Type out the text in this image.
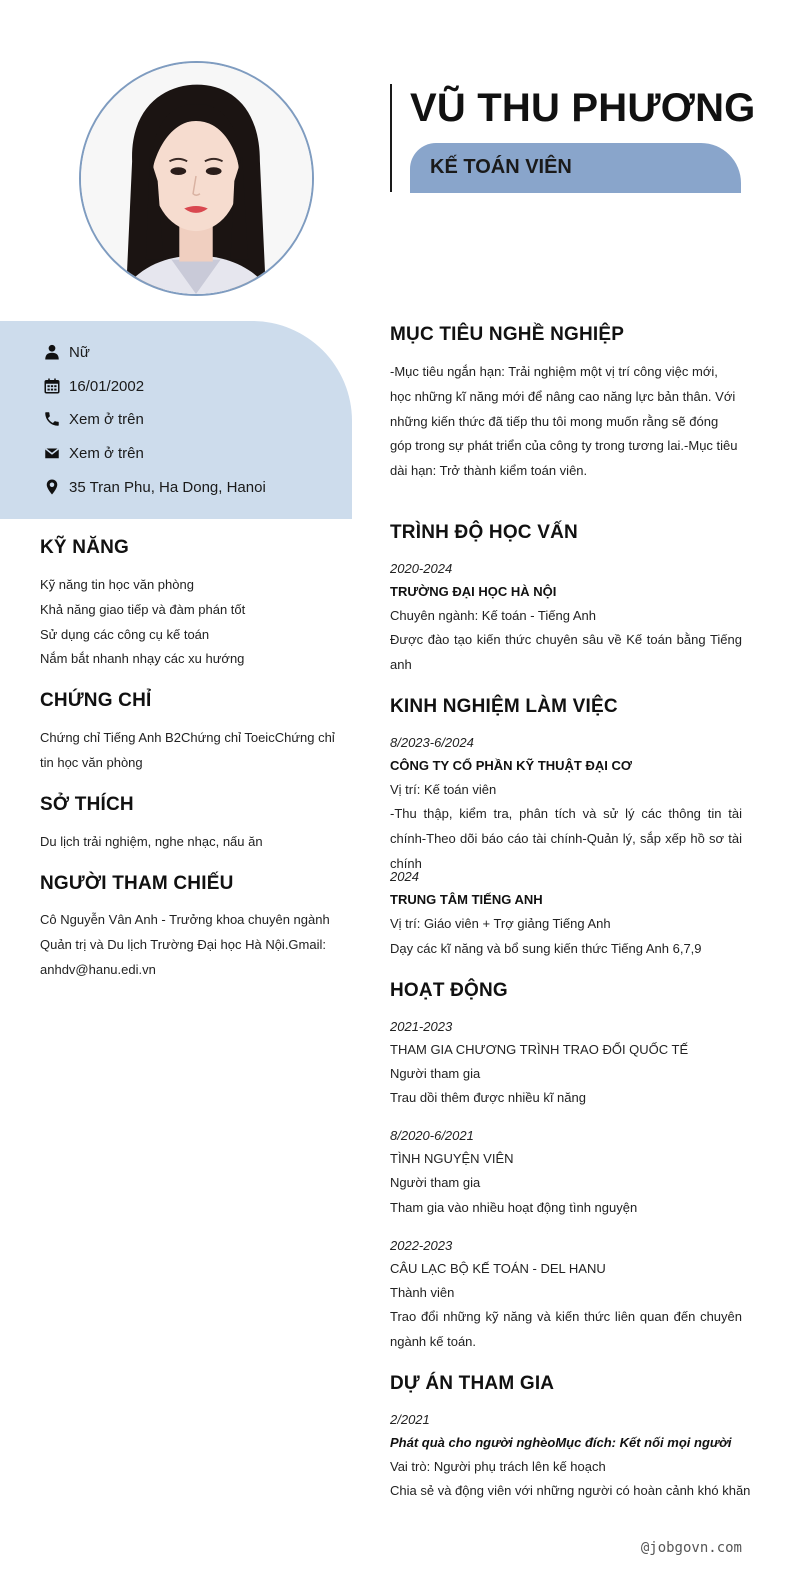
VŨ THU PHƯƠNG
KẾ TOÁN VIÊN
Nữ
16/01/2002
Xem ở trên
Xem ở trên
35 Tran Phu, Ha Dong, Hanoi
KỸ NĂNG
Kỹ năng tin học văn phòng
Khả năng giao tiếp và đàm phán tốt
Sử dụng các công cụ kế toán
Nắm bắt nhanh nhạy các xu hướng
CHỨNG CHỈ
Chứng chỉ Tiếng Anh B2Chứng chỉ ToeicChứng chỉ tin học văn phòng
SỞ THÍCH
Du lịch trải nghiệm, nghe nhạc, nấu ăn
NGƯỜI THAM CHIẾU
Cô Nguyễn Vân Anh - Trưởng khoa chuyên ngành Quản trị và Du lịch Trường Đại học Hà Nội.Gmail: anhdv@hanu.edi.vn
MỤC TIÊU NGHỀ NGHIỆP
-Mục tiêu ngắn hạn: Trải nghiệm một vị trí công việc mới, học những kĩ năng mới để nâng cao năng lực bản thân. Với những kiến thức đã tiếp thu tôi mong muốn rằng sẽ đóng góp trong sự phát triển của công ty trong tương lai.-Mục tiêu dài hạn: Trở thành kiểm toán viên.
TRÌNH ĐỘ HỌC VẤN
2020-2024
TRƯỜNG ĐẠI HỌC HÀ NỘI
Chuyên ngành: Kế toán - Tiếng Anh
Được đào tạo kiến thức chuyên sâu về Kế toán bằng Tiếng anh
KINH NGHIỆM LÀM VIỆC
8/2023-6/2024
CÔNG TY CỔ PHẦN KỸ THUẬT ĐẠI CƠ
Vị trí: Kế toán viên
-Thu thập, kiểm tra, phân tích và sử lý các thông tin tài chính-Theo dõi báo cáo tài chính-Quản lý, sắp xếp hồ sơ tài chính
2024
TRUNG TÂM TIẾNG ANH
Vị trí: Giáo viên + Trợ giảng Tiếng Anh
Dạy các kĩ năng và bổ sung kiến thức Tiếng Anh 6,7,9
HOẠT ĐỘNG
2021-2023
THAM GIA CHƯƠNG TRÌNH TRAO ĐỔI QUỐC TẾ
Người tham gia
Trau dồi thêm được nhiều kĩ năng
8/2020-6/2021
TÌNH NGUYỆN VIÊN
Người tham gia
Tham gia vào nhiều hoạt động tình nguyện
2022-2023
CÂU LẠC BỘ KẾ TOÁN - DEL HANU
Thành viên
Trao đổi những kỹ năng và kiến thức liên quan đến chuyên ngành kế toán.
DỰ ÁN THAM GIA
2/2021
Phát quà cho người nghèoMục đích: Kết nối mọi người
Vai trò: Người phụ trách lên kế hoạch
Chia sẻ và động viên với những người có hoàn cảnh khó khăn
@jobgovn.com
